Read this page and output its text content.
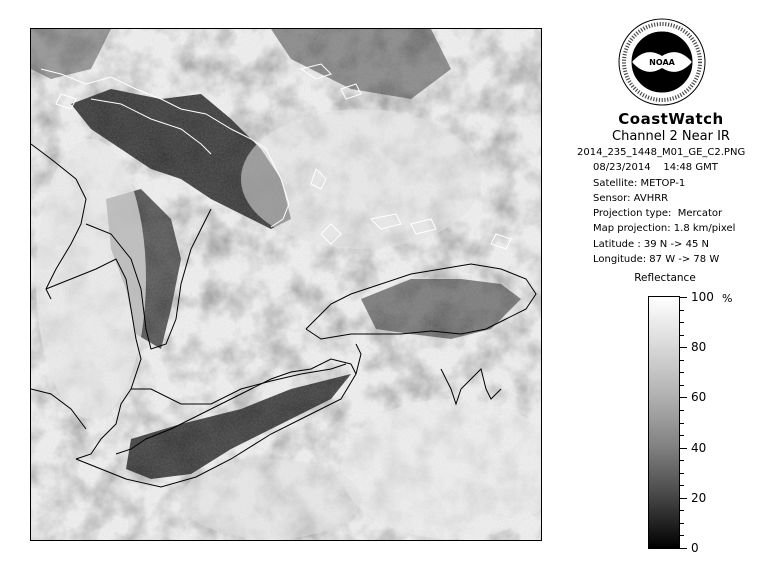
NOAA
CoastWatch
Channel 2 Near IR
2014_235_1448_M01_GE_C2.PNG
08/23/2014    14:48 GMT
Satellite: METOP-1
Sensor: AVHRR
Projection type:  Mercator
Map projection: 1.8 km/pixel
Latitude : 39 N -> 45 N
Longitude: 87 W -> 78 W
Reflectance
%
100
80
60
40
20
0
